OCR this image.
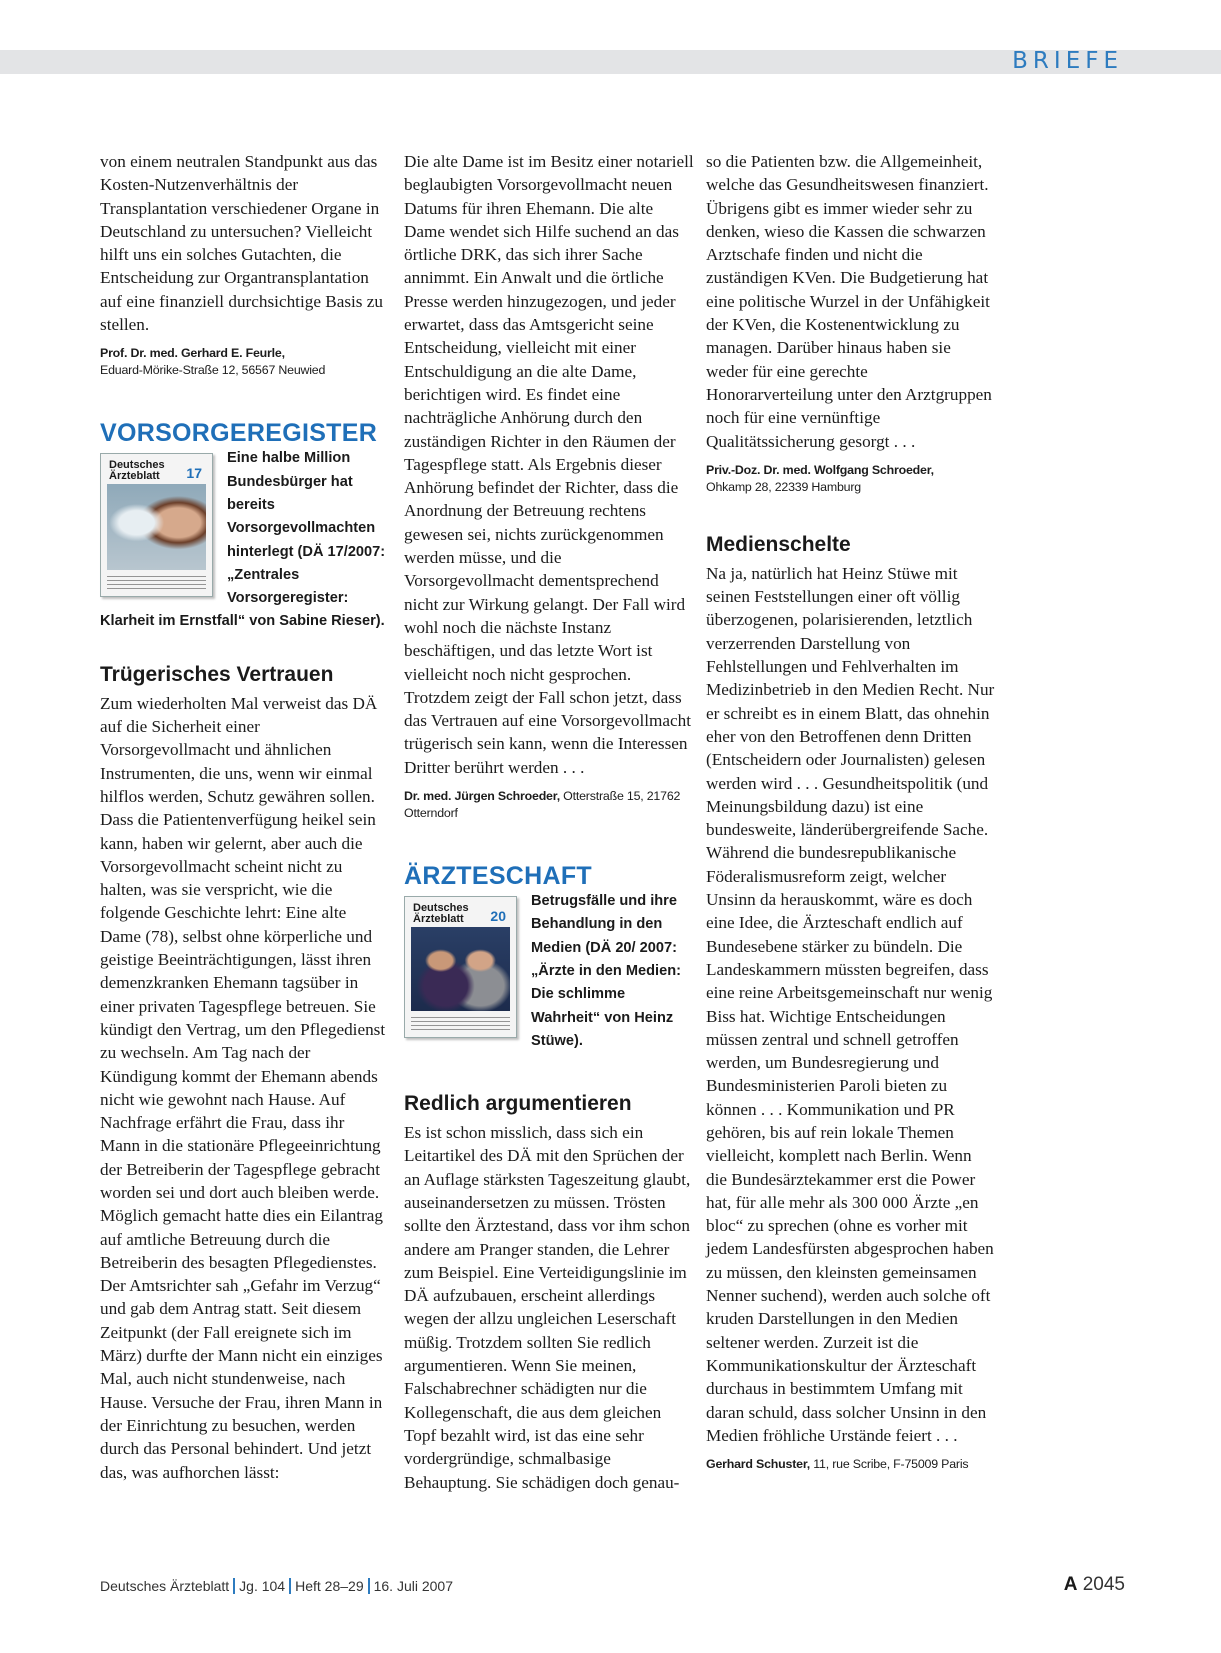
BRIEFE

von einem neutralen Standpunkt aus das Kosten-Nutzenverhältnis der Transplantation verschiedener Organe in Deutschland zu untersuchen? Vielleicht hilft uns ein solches Gutachten, die Entscheidung zur Organtransplantation auf eine finanziell durchsichtige Basis zu stellen.

Prof. Dr. med. Gerhard E. Feurle,
Eduard-Mörike-Straße 12, 56567 Neuwied

VORSORGEREGISTER
Deutsches Ärzteblatt	17
Eine halbe Million Bundesbürger hat bereits Vorsorgevollmachten hinterlegt (DÄ 17/2007: „Zentrales Vorsorgeregister: Klarheit im Ernstfall“ von Sabine Rieser).
Trügerisches Vertrauen

Zum wiederholten Mal verweist das DÄ auf die Sicherheit einer Vorsorgevollmacht und ähnlichen Instrumenten, die uns, wenn wir einmal hilflos werden, Schutz gewähren sollen. Dass die Patientenverfügung heikel sein kann, haben wir gelernt, aber auch die Vorsorgevollmacht scheint nicht zu halten, was sie verspricht, wie die folgende Geschichte lehrt: Eine alte Dame (78), selbst ohne körperliche und geistige Beeinträchtigungen, lässt ihren demenzkranken Ehemann tagsüber in einer privaten Tagespflege betreuen. Sie kündigt den Vertrag, um den Pflegedienst zu wechseln. Am Tag nach der Kündigung kommt der Ehemann abends nicht wie gewohnt nach Hause. Auf Nachfrage erfährt die Frau, dass ihr Mann in die stationäre Pflegeeinrichtung der Betreiberin der Tagespflege gebracht worden sei und dort auch bleiben werde. Möglich gemacht hatte dies ein Eilantrag auf amtliche Betreuung durch die Betreiberin des besagten Pflegedienstes. Der Amtsrichter sah „Gefahr im Verzug“ und gab dem Antrag statt. Seit diesem Zeitpunkt (der Fall ereignete sich im März) durfte der Mann nicht ein einziges Mal, auch nicht stundenweise, nach Hause. Versuche der Frau, ihren Mann in der Einrichtung zu besuchen, werden durch das Personal behindert. Und jetzt das, was aufhorchen lässt:

Die alte Dame ist im Besitz einer notariell beglaubigten Vorsorgevollmacht neuen Datums für ihren Ehemann. Die alte Dame wendet sich Hilfe suchend an das örtliche DRK, das sich ihrer Sache annimmt. Ein Anwalt und die örtliche Presse werden hinzugezogen, und jeder erwartet, dass das Amtsgericht seine Entscheidung, vielleicht mit einer Entschuldigung an die alte Dame, berichtigen wird. Es findet eine nachträgliche Anhörung durch den zuständigen Richter in den Räumen der Tagespflege statt. Als Ergebnis dieser Anhörung befindet der Richter, dass die Anordnung der Betreuung rechtens gewesen sei, nichts zurückgenommen werden müsse, und die Vorsorgevollmacht dementsprechend nicht zur Wirkung gelangt. Der Fall wird wohl noch die nächste Instanz beschäftigen, und das letzte Wort ist vielleicht noch nicht gesprochen. Trotzdem zeigt der Fall schon jetzt, dass das Vertrauen auf eine Vorsorgevollmacht trügerisch sein kann, wenn die Interessen Dritter berührt werden . . .

Dr. med. Jürgen Schroeder, Otterstraße 15, 21762 Otterndorf

ÄRZTESCHAFT
Deutsches Ärzteblatt	20
Betrugsfälle und ihre Behandlung in den Medien (DÄ 20/ 2007: „Ärzte in den Medien: Die schlimme Wahrheit“ von Heinz Stüwe).
Redlich argumentieren

Es ist schon misslich, dass sich ein Leitartikel des DÄ mit den Sprüchen der an Auflage stärksten Tageszeitung glaubt, auseinandersetzen zu müssen. Trösten sollte den Ärztestand, dass vor ihm schon andere am Pranger standen, die Lehrer zum Beispiel. Eine Verteidigungslinie im DÄ aufzubauen, erscheint allerdings wegen der allzu ungleichen Leserschaft müßig. Trotzdem sollten Sie redlich argumentieren. Wenn Sie meinen, Falschabrechner schädigten nur die Kollegenschaft, die aus dem gleichen Topf bezahlt wird, ist das eine sehr vordergründige, schmalbasige Behauptung. Sie schädigen doch genau-

so die Patienten bzw. die Allgemeinheit, welche das Gesundheitswesen finanziert. Übrigens gibt es immer wieder sehr zu denken, wieso die Kassen die schwarzen Arztschafe finden und nicht die zuständigen KVen. Die Budgetierung hat eine politische Wurzel in der Unfähigkeit der KVen, die Kostenentwicklung zu managen. Darüber hinaus haben sie weder für eine gerechte Honorarverteilung unter den Arztgruppen noch für eine vernünftige Qualitätssicherung gesorgt . . .

Priv.-Doz. Dr. med. Wolfgang Schroeder,
Ohkamp 28, 22339 Hamburg

Medienschelte

Na ja, natürlich hat Heinz Stüwe mit seinen Feststellungen einer oft völlig überzogenen, polarisierenden, letztlich verzerrenden Darstellung von Fehlstellungen und Fehlverhalten im Medizinbetrieb in den Medien Recht. Nur er schreibt es in einem Blatt, das ohnehin eher von den Betroffenen denn Dritten (Entscheidern oder Journalisten) gelesen werden wird . . . Gesundheitspolitik (und Meinungsbildung dazu) ist eine bundesweite, länderübergreifende Sache. Während die bundesrepublikanische Föderalismusreform zeigt, welcher Unsinn da herauskommt, wäre es doch eine Idee, die Ärzteschaft endlich auf Bundesebene stärker zu bündeln. Die Landeskammern müssten begreifen, dass eine reine Arbeitsgemeinschaft nur wenig Biss hat. Wichtige Entscheidungen müssen zentral und schnell getroffen werden, um Bundesregierung und Bundesministerien Paroli bieten zu können . . . Kommunikation und PR gehören, bis auf rein lokale Themen vielleicht, komplett nach Berlin. Wenn die Bundesärztekammer erst die Power hat, für alle mehr als 300 000 Ärzte „en bloc“ zu sprechen (ohne es vorher mit jedem Landesfürsten abgesprochen haben zu müssen, den kleinsten gemeinsamen Nenner suchend), werden auch solche oft kruden Darstellungen in den Medien seltener werden. Zurzeit ist die Kommunikationskultur der Ärzteschaft durchaus in bestimmtem Umfang mit daran schuld, dass solcher Unsinn in den Medien fröhliche Urstände feiert . . .

Gerhard Schuster, 11, rue Scribe, F-75009 Paris

Deutsches Ärzteblatt Jg. 104 Heft 28–29 16. Juli 2007	A 2045
